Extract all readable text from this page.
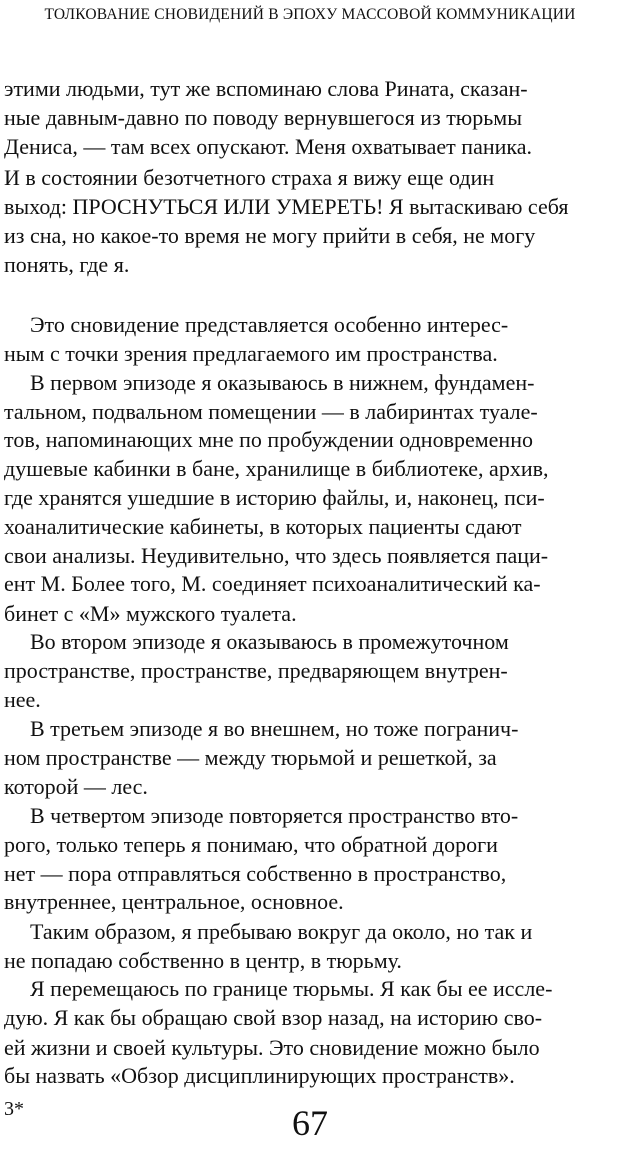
ТОЛКОВАНИЕ СНОВИДЕНИЙ В ЭПОХУ МАССОВОЙ КОММУНИКАЦИИ
этими людьми, тут же вспоминаю слова Рината, сказан-
ные давным-давно по поводу вернувшегося из тюрьмы
Дениса, — там всех опускают. Меня охватывает паника.
И в состоянии безотчетного страха я вижу еще один
выход: ПРОСНУТЬСЯ ИЛИ УМЕРЕТЬ! Я вытаскиваю себя
из сна, но какое-то время не могу прийти в себя, не могу
понять, где я.
Это сновидение представляется особенно интерес-
ным с точки зрения предлагаемого им пространства.
В первом эпизоде я оказываюсь в нижнем, фундамен-
тальном, подвальном помещении — в лабиринтах туале-
тов, напоминающих мне по пробуждении одновременно
душевые кабинки в бане, хранилище в библиотеке, архив,
где хранятся ушедшие в историю файлы, и, наконец, пси-
хоаналитические кабинеты, в которых пациенты сдают
свои анализы. Неудивительно, что здесь появляется паци-
ент М. Более того, М. соединяет психоаналитический ка-
бинет с «М» мужского туалета.
Во втором эпизоде я оказываюсь в промежуточном
пространстве, пространстве, предваряющем внутрен-
нее.
В третьем эпизоде я во внешнем, но тоже погранич-
ном пространстве — между тюрьмой и решеткой, за
которой — лес.
В четвертом эпизоде повторяется пространство вто-
рого, только теперь я понимаю, что обратной дороги
нет — пора отправляться собственно в пространство,
внутреннее, центральное, основное.
Таким образом, я пребываю вокруг да около, но так и
не попадаю собственно в центр, в тюрьму.
Я перемещаюсь по границе тюрьмы. Я как бы ее иссле-
дую. Я как бы обращаю свой взор назад, на историю сво-
ей жизни и своей культуры. Это сновидение можно было
бы назвать «Обзор дисциплинирующих пространств».
3*	67
